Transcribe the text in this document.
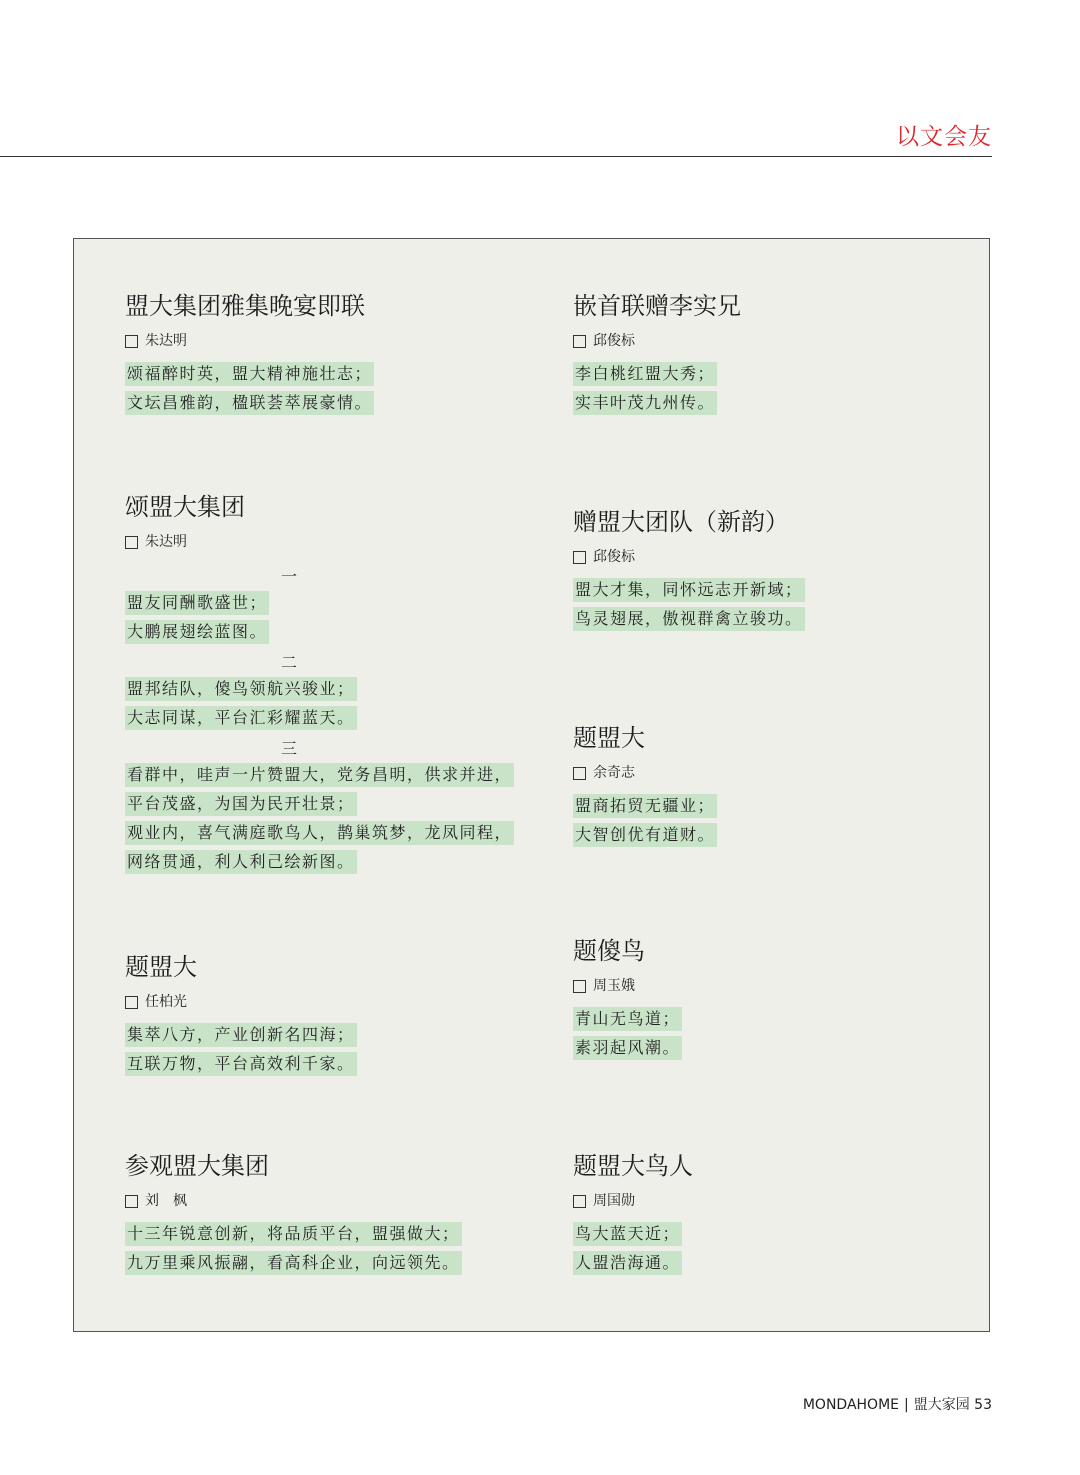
以文会友
盟大集团雅集晚宴即联
朱达明
颂福醉时英，盟大精神施壮志；
文坛昌雅韵，楹联荟萃展豪情。
颂盟大集团
朱达明
一
盟友同酬歌盛世；
大鹏展翅绘蓝图。
二
盟邦结队，傻鸟领航兴骏业；
大志同谋，平台汇彩耀蓝天。
三
看群中，哇声一片赞盟大，党务昌明，供求并进，
平台茂盛，为国为民开壮景；
观业内，喜气满庭歌鸟人，鹊巢筑梦，龙凤同程，
网络贯通，利人利己绘新图。
题盟大
任柏光
集萃八方，产业创新名四海；
互联万物，平台高效利千家。
参观盟大集团
刘　枫
十三年锐意创新，将品质平台，盟强做大；
九万里乘风振翮，看高科企业，向远领先。
嵌首联赠李实兄
邱俊标
李白桃红盟大秀；
实丰叶茂九州传。
赠盟大团队（新韵）
邱俊标
盟大才集，同怀远志开新域；
鸟灵翅展，傲视群禽立骏功。
题盟大
余奇志
盟商拓贸无疆业；
大智创优有道财。
题傻鸟
周玉娥
青山无鸟道；
素羽起风潮。
题盟大鸟人
周国勋
鸟大蓝天近；
人盟浩海通。
MONDAHOME | 盟大家园 53
